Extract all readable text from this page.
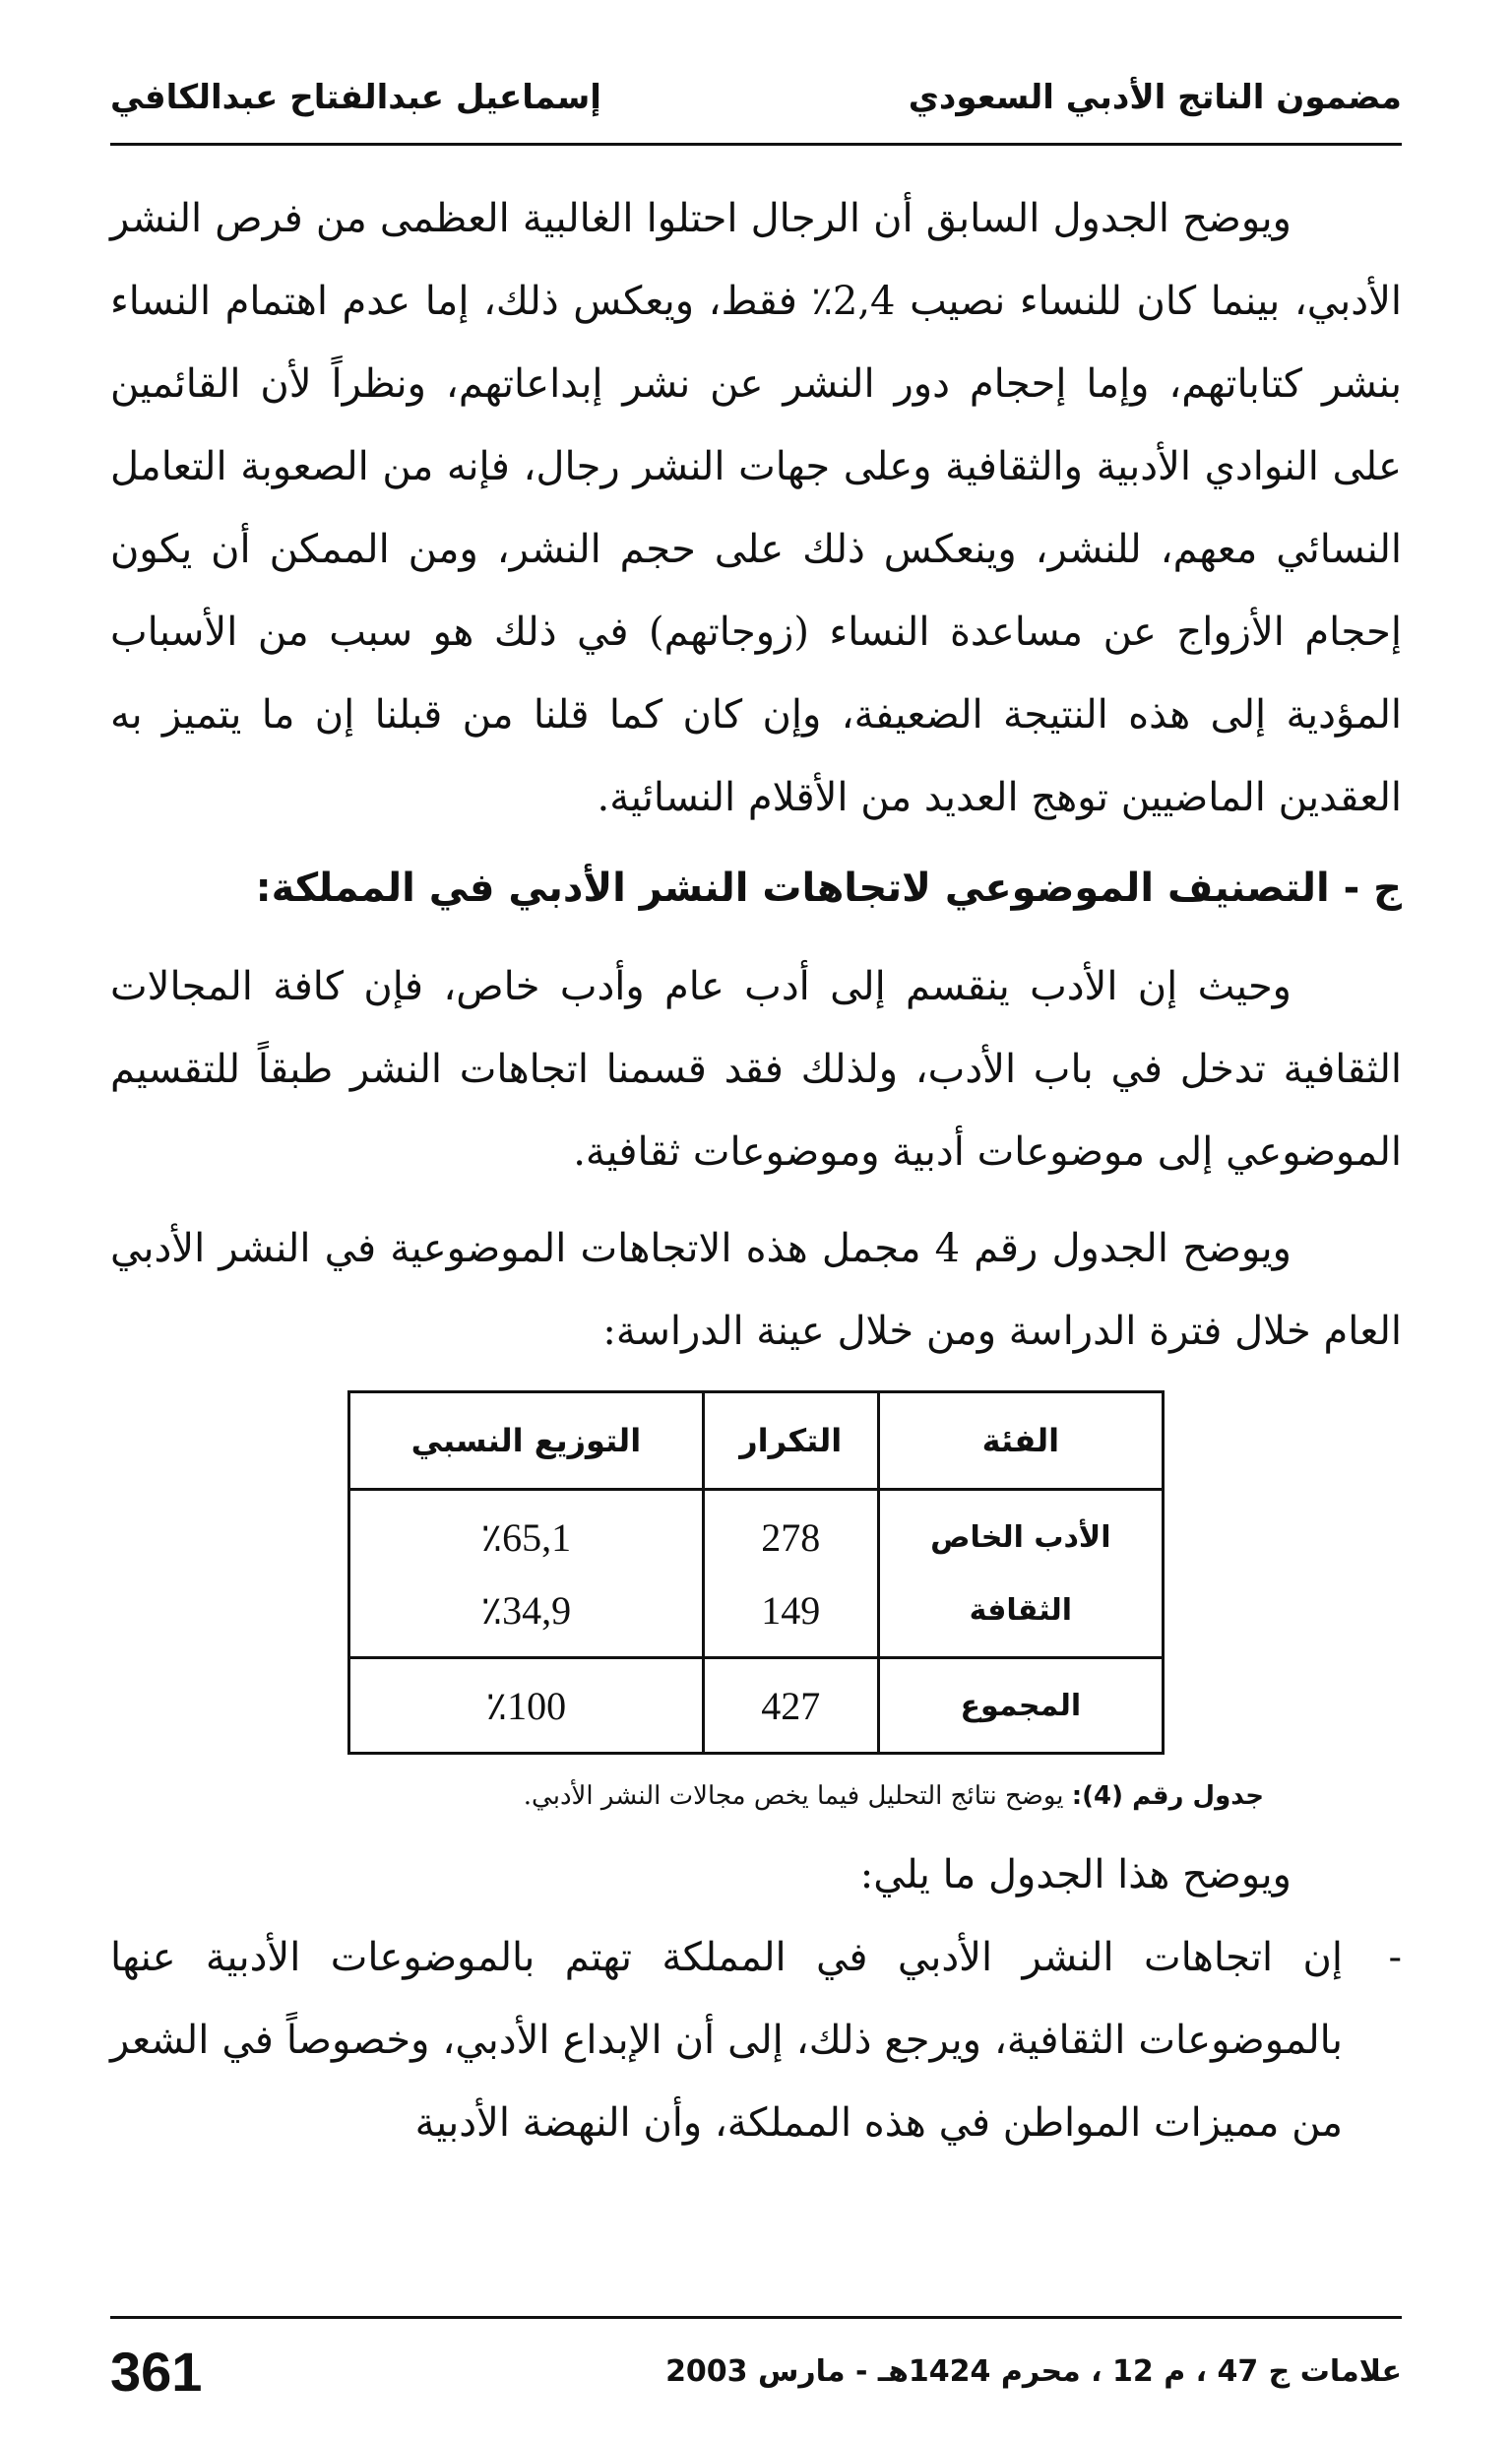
مضمون الناتج الأدبي السعودي
إسماعيل عبدالفتاح عبدالكافي

ويوضح الجدول السابق أن الرجال احتلوا الغالبية العظمى من فرص النشر الأدبي، بينما كان للنساء نصيب 2,4٪ فقط، ويعكس ذلك، إما عدم اهتمام النساء بنشر كتاباتهم، وإما إحجام دور النشر عن نشر إبداعاتهم، ونظراً لأن القائمين على النوادي الأدبية والثقافية وعلى جهات النشر رجال، فإنه من الصعوبة التعامل النسائي معهم، للنشر، وينعكس ذلك على حجم النشر، ومن الممكن أن يكون إحجام الأزواج عن مساعدة النساء (زوجاتهم) في ذلك هو سبب من الأسباب المؤدية إلى هذه النتيجة الضعيفة، وإن كان كما قلنا من قبلنا إن ما يتميز به العقدين الماضيين توهج العديد من الأقلام النسائية.

ج - التصنيف الموضوعي لاتجاهات النشر الأدبي في المملكة:

وحيث إن الأدب ينقسم إلى أدب عام وأدب خاص، فإن كافة المجالات الثقافية تدخل في باب الأدب، ولذلك فقد قسمنا اتجاهات النشر طبقاً للتقسيم الموضوعي إلى موضوعات أدبية وموضوعات ثقافية.

ويوضح الجدول رقم 4 مجمل هذه الاتجاهات الموضوعية في النشر الأدبي العام خلال فترة الدراسة ومن خلال عينة الدراسة:

الفئة	التكرار	التوزيع النسبي
الأدب الخاص	278	٪65,1
الثقافة	149	٪34,9
المجموع	427	٪100
جدول رقم (4): يوضح نتائج التحليل فيما يخص مجالات النشر الأدبي.

ويوضح هذا الجدول ما يلي:

-
إن اتجاهات النشر الأدبي في المملكة تهتم بالموضوعات الأدبية عنها بالموضوعات الثقافية، ويرجع ذلك، إلى أن الإبداع الأدبي، وخصوصاً في الشعر من مميزات المواطن في هذه المملكة، وأن النهضة الأدبية
علامات ج 47 ، م 12 ، محرم 1424هـ - مارس 2003
361
